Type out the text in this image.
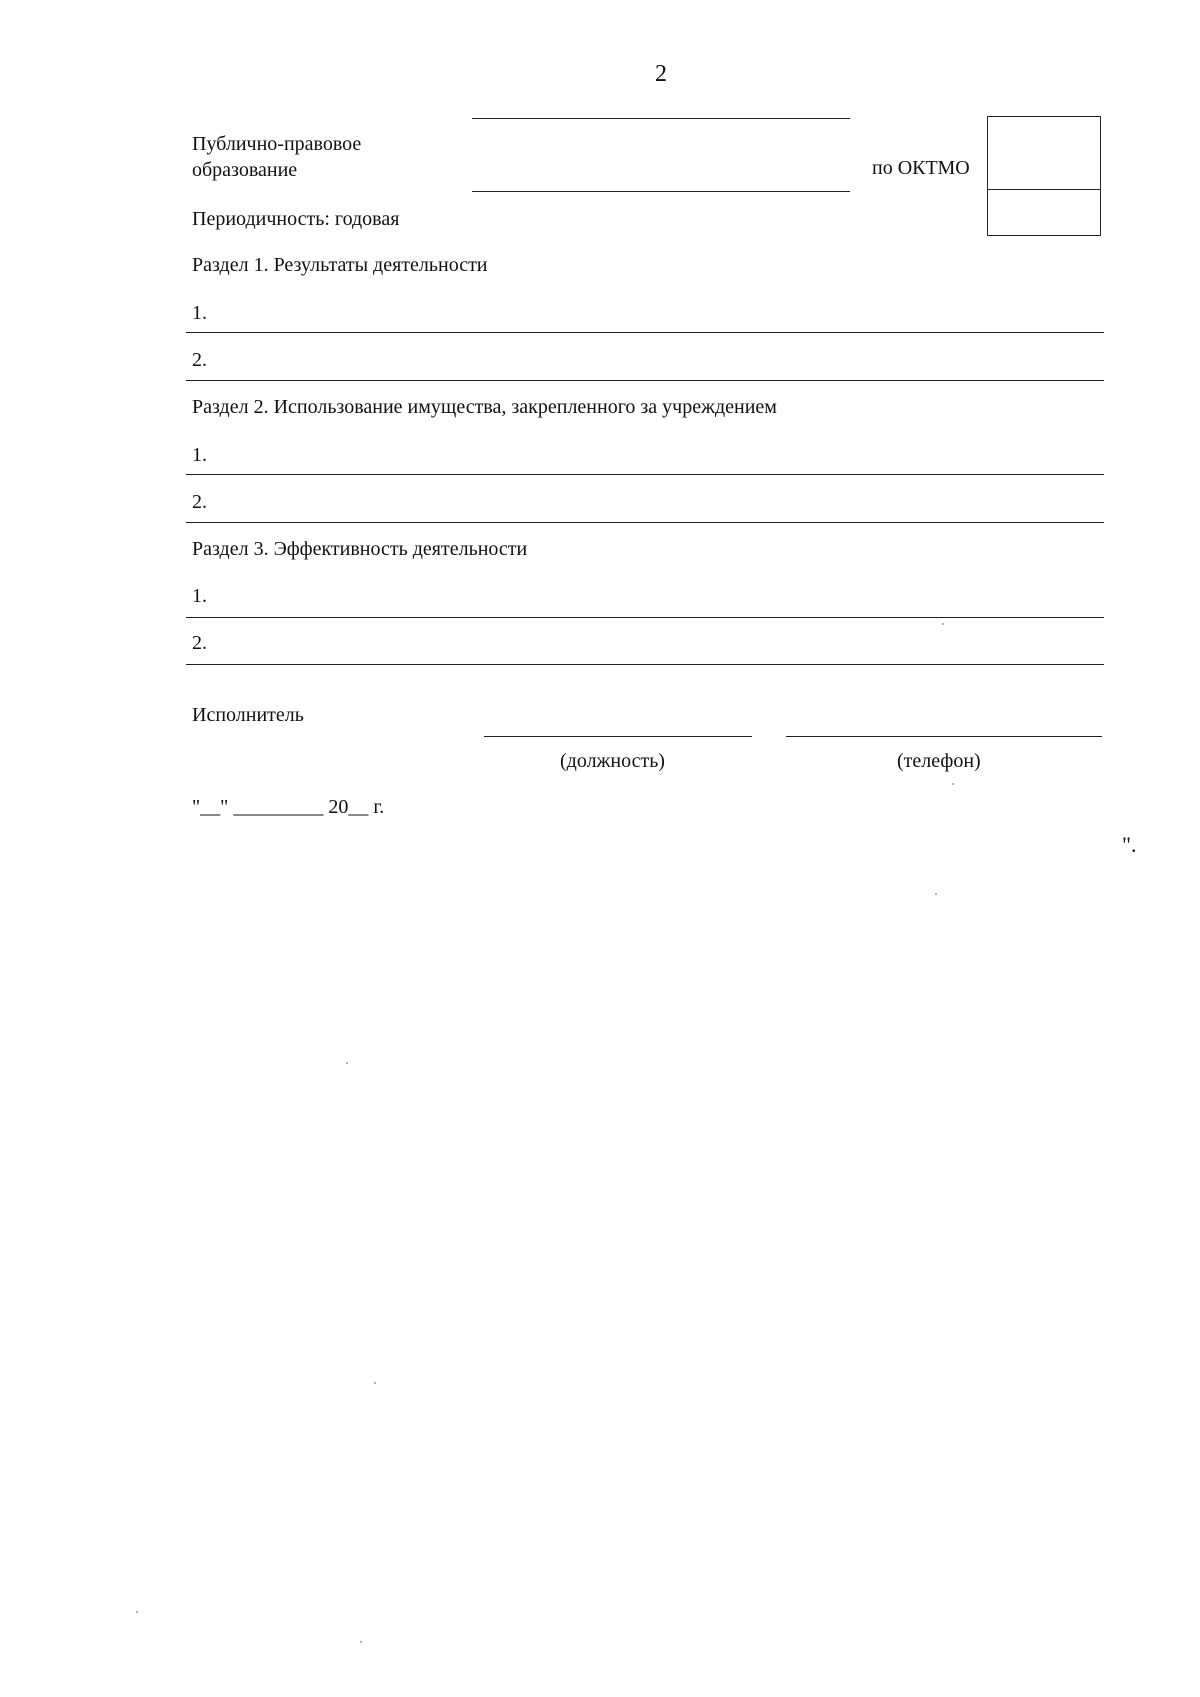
2
Публично-правовое
образование	по ОКТМО
Периодичность: годовая
Раздел 1. Результаты деятельности
1.
2.
Раздел 2. Использование имущества, закрепленного за учреждением
1.
2.
Раздел 3. Эффективность деятельности
1.
2.
Исполнитель
(должность)	(телефон)
"__" _________ 20__ г.
".
